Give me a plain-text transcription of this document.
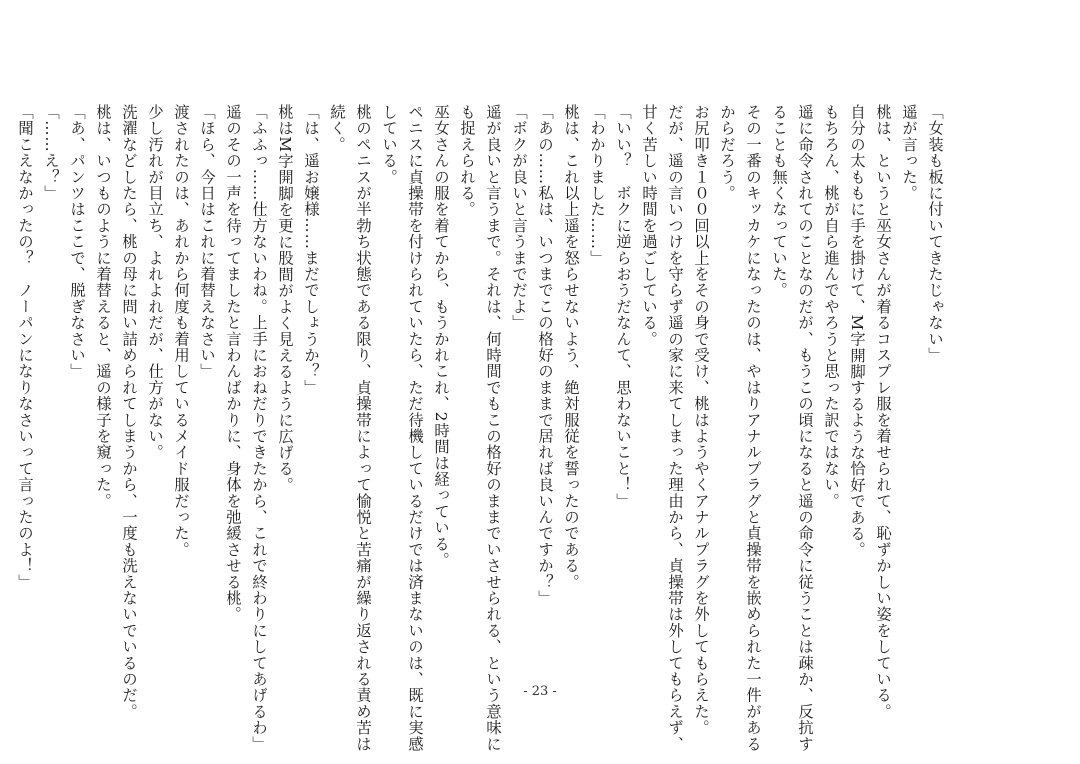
「女装も板に付いてきたじゃない」
遥が言った。
桃は、というと巫女さんが着るコスプレ服を着せられて、恥ずかしい姿をしている。
自分の太ももに手を掛けて、M字開脚するような恰好である。
もちろん、桃が自ら進んでやろうと思った訳ではない。
遥に命令されてのことなのだが、もうこの頃になると遥の命令に従うことは疎か、反抗す
ることも無くなっていた。
その一番のキッカケになったのは、やはりアナルプラグと貞操帯を嵌められた一件がある
からだろう。
お尻叩き１００回以上をその身で受け、桃はようやくアナルプラグを外してもらえた。
だが、遥の言いつけを守らず遥の家に来てしまった理由から、貞操帯は外してもらえず、
甘く苦しい時間を過ごしている。
「いい？　ボクに逆らおうだなんて、思わないこと！」
「わかりました……」
桃は、これ以上遥を怒らせないよう、絶対服従を誓ったのである。
「あの……私は、いつまでこの格好のままで居れば良いんですか？」
「ボクが良いと言うまでだよ」
遥が良いと言うまで。それは、何時間でもこの格好のままでいさせられる、という意味に
も捉えられる。
巫女さんの服を着てから、もうかれこれ、2時間は経っている。
ペニスに貞操帯を付けられていたら、ただ待機しているだけでは済まないのは、既に実感
している。
桃のペニスが半勃ち状態である限り、貞操帯によって愉悦と苦痛が繰り返される責め苦は
続く。
「は、遥お嬢様……まだでしょうか？」
桃はM字開脚を更に股間がよく見えるように広げる。
「ふふっ……仕方ないわね。上手におねだりできたから、これで終わりにしてあげるわ」
遥のその一声を待ってましたと言わんばかりに、身体を弛緩させる桃。
「ほら、今日はこれに着替えなさい」
渡されたのは、あれから何度も着用しているメイド服だった。
少し汚れが目立ち、よれよれだが、仕方がない。
洗濯などしたら、桃の母に問い詰められてしまうから、一度も洗えないでいるのだ。
桃は、いつものように着替えると、遥の様子を窺った。
「あ、パンツはここで、脱ぎなさい」
「……え？」
「聞こえなかったの？　ノーパンになりなさいって言ったのよ！」
- 23 -
